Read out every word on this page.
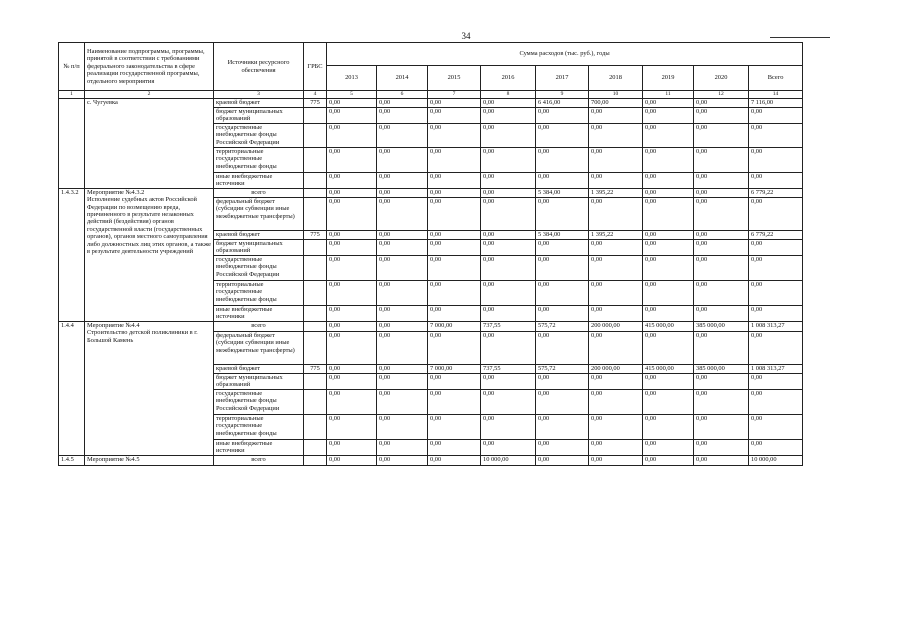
34
№ п/п	Наименование подпрограммы, программы, принятой в соответствии с требованиями федерального законодательства в сфере реализации государственной программы, отдельного мероприятия	Источники ресурсного обеспечения	ГРБС	Сумма расходов (тыс. руб.), годы								
				2013	2014	2015	2016	2017	2018	2019	2020	Всего
1	2	3	4	5	6	7	8	9	10	11	12	14

	с. Чугуевка	краевой бюджет	775	0,00	0,00	0,00	0,00	6 416,00	700,00	0,00	0,00	7 116,00
		бюджет муниципальных образований		0,00	0,00	0,00	0,00	0,00	0,00	0,00	0,00	0,00
		государственные внебюджетные фонды Российской Федерации		0,00	0,00	0,00	0,00	0,00	0,00	0,00	0,00	0,00
		территориальные государственные внебюджетные фонды		0,00	0,00	0,00	0,00	0,00	0,00	0,00	0,00	0,00
		иные внебюджетные источники		0,00	0,00	0,00	0,00	0,00	0,00	0,00	0,00	0,00
1.4.3.2	Мероприятие №4.3.2
Исполнение судебных актов Российской Федерации по возмещению вреда, причиненного в результате незаконных действий (бездействия) органов государственной власти (государственных органов), органов местного самоуправления либо должностных лиц этих органов, а также в результате деятельности учреждений	всего		0,00	0,00	0,00	0,00	5 384,00	1 395,22	0,00	0,00	6 779,22
		федеральный бюджет (субсидии субвенции иные межбюджетные трансферты)		0,00	0,00	0,00	0,00	0,00	0,00	0,00	0,00	0,00
		краевой бюджет	775	0,00	0,00	0,00	0,00	5 384,00	1 395,22	0,00	0,00	6 779,22
		бюджет муниципальных образований		0,00	0,00	0,00	0,00	0,00	0,00	0,00	0,00	0,00
		государственные внебюджетные фонды Российской Федерации		0,00	0,00	0,00	0,00	0,00	0,00	0,00	0,00	0,00
		территориальные государственные внебюджетные фонды		0,00	0,00	0,00	0,00	0,00	0,00	0,00	0,00	0,00
		иные внебюджетные источники		0,00	0,00	0,00	0,00	0,00	0,00	0,00	0,00	0,00
1.4.4	Мероприятие №4.4
Строительство детской поликлиники в г. Большой Камень	всего		0,00	0,00	7 000,00	737,55	575,72	200 000,00	415 000,00	385 000,00	1 008 313,27
		федеральный бюджет (субсидии субвенции иные межбюджетные трансферты)		0,00	0,00	0,00	0,00	0,00	0,00	0,00	0,00	0,00
		краевой бюджет	775	0,00	0,00	7 000,00	737,55	575,72	200 000,00	415 000,00	385 000,00	1 008 313,27
		бюджет муниципальных образований		0,00	0,00	0,00	0,00	0,00	0,00	0,00	0,00	0,00
		государственные внебюджетные фонды Российской Федерации		0,00	0,00	0,00	0,00	0,00	0,00	0,00	0,00	0,00
		территориальные государственные внебюджетные фонды		0,00	0,00	0,00	0,00	0,00	0,00	0,00	0,00	0,00
		иные внебюджетные источники		0,00	0,00	0,00	0,00	0,00	0,00	0,00	0,00	0,00
1.4.5	Мероприятие №4.5	всего		0,00	0,00	0,00	10 000,00	0,00	0,00	0,00	0,00	10 000,00
